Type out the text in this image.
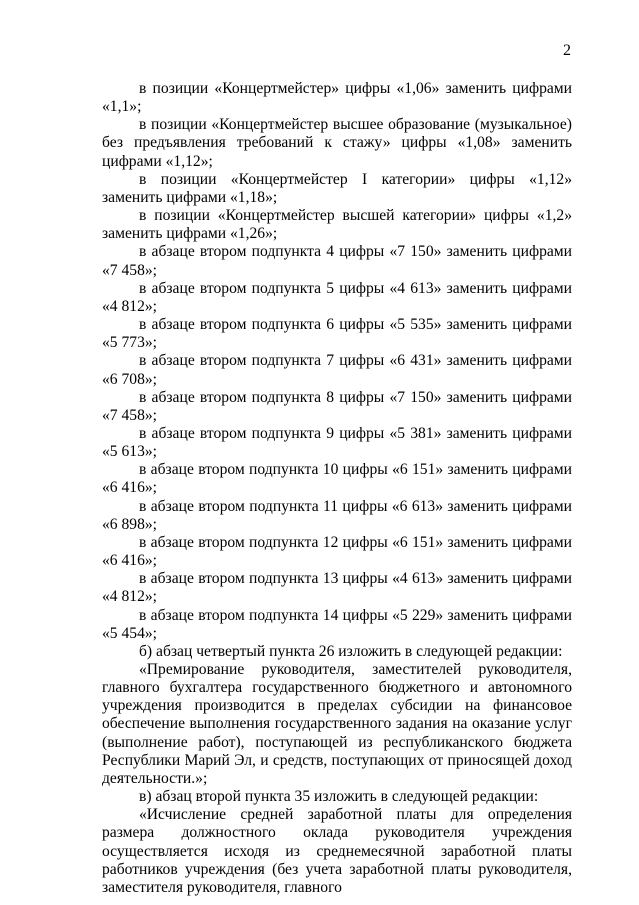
2

в позиции «Концертмейстер» цифры «1,06» заменить цифрами «1,1»;

в позиции «Концертмейстер высшее образование (музыкальное) без предъявления требований к стажу» цифры «1,08» заменить цифрами «1,12»;

в позиции «Концертмейстер I категории» цифры «1,12» заменить цифрами «1,18»;

в позиции «Концертмейстер высшей категории» цифры «1,2» заменить цифрами «1,26»;

в абзаце втором подпункта 4 цифры «7 150» заменить цифрами «7 458»;

в абзаце втором подпункта 5 цифры «4 613» заменить цифрами «4 812»;

в абзаце втором подпункта 6 цифры «5 535» заменить цифрами «5 773»;

в абзаце втором подпункта 7 цифры «6 431» заменить цифрами «6 708»;

в абзаце втором подпункта 8 цифры «7 150» заменить цифрами «7 458»;

в абзаце втором подпункта 9 цифры «5 381» заменить цифрами «5 613»;

в абзаце втором подпункта 10 цифры «6 151» заменить цифрами «6 416»;

в абзаце втором подпункта 11 цифры «6 613» заменить цифрами «6 898»;

в абзаце втором подпункта 12 цифры «6 151» заменить цифрами «6 416»;

в абзаце втором подпункта 13 цифры «4 613» заменить цифрами «4 812»;

в абзаце втором подпункта 14 цифры «5 229» заменить цифрами «5 454»;

б) абзац четвертый пункта 26 изложить в следующей редакции:

«Премирование руководителя, заместителей руководителя, главного бухгалтера государственного бюджетного и автономного учреждения производится в пределах субсидии на финансовое обеспечение выполнения государственного задания на оказание услуг (выполнение работ), поступающей из республиканского бюджета Республики Марий Эл, и средств, поступающих от приносящей доход деятельности.»;

в) абзац второй пункта 35 изложить в следующей редакции:

«Исчисление средней заработной платы для определения размера должностного оклада руководителя учреждения осуществляется исходя из среднемесячной заработной платы работников учреждения (без учета заработной платы руководителя, заместителя руководителя, главного
